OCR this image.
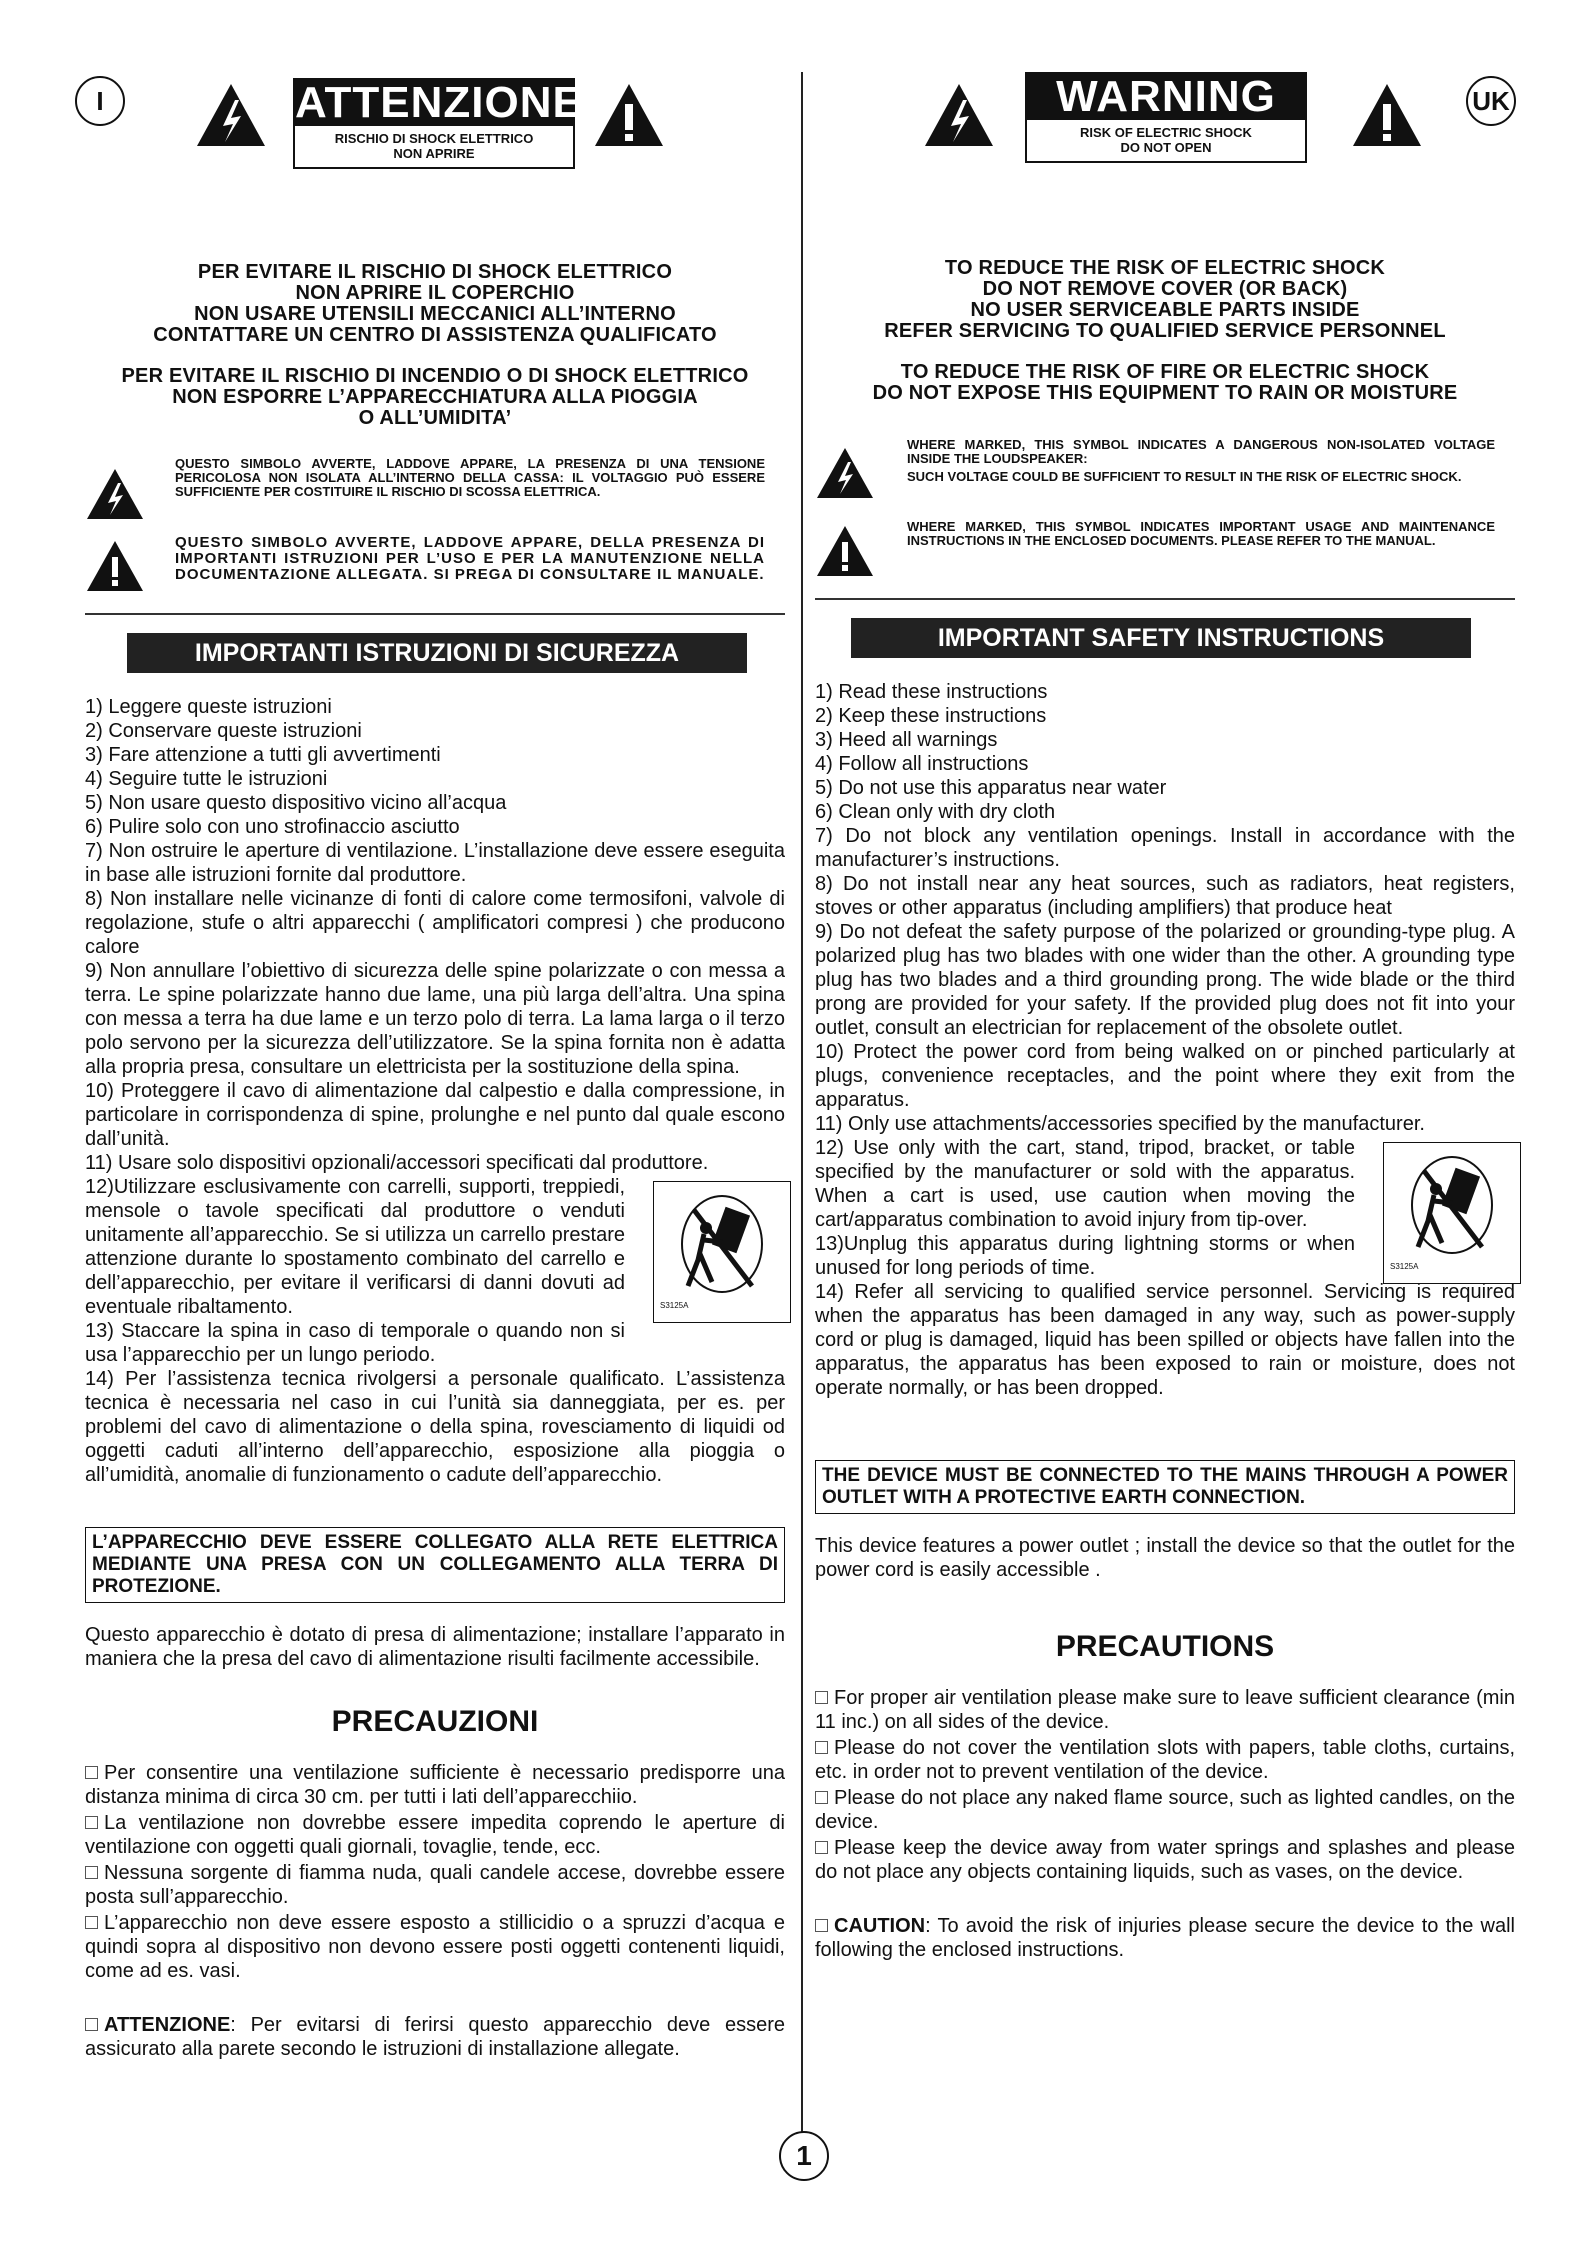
I	UK
ATTENZIONE
RISCHIO DI SHOCK ELETTRICO
NON APRIRE
PER EVITARE IL RISCHIO DI SHOCK ELETTRICO
NON APRIRE IL COPERCHIO
NON USARE UTENSILI MECCANICI ALL’INTERNO
CONTATTARE UN CENTRO DI ASSISTENZA QUALIFICATO
PER EVITARE IL RISCHIO DI INCENDIO O DI SHOCK ELETTRICO
NON ESPORRE L’APPARECCHIATURA ALLA PIOGGIA
O ALL’UMIDITA’
QUESTO SIMBOLO AVVERTE, LADDOVE APPARE, LA PRESENZA DI UNA TENSIONE PERICOLOSA NON ISOLATA ALL’INTERNO DELLA CASSA: IL VOLTAGGIO PUÒ ESSERE SUFFICIENTE PER COSTITUIRE IL RISCHIO DI SCOSSA ELETTRICA.
QUESTO SIMBOLO AVVERTE, LADDOVE APPARE, DELLA PRESENZA DI IMPORTANTI ISTRUZIONI PER L’USO E PER LA MANUTENZIONE NELLA DOCUMENTAZIONE ALLEGATA. SI PREGA DI CONSULTARE IL MANUALE.
IMPORTANTI ISTRUZIONI DI SICUREZZA

1) Leggere queste istruzioni

2) Conservare queste istruzioni

3) Fare attenzione a tutti gli avvertimenti

4) Seguire tutte le istruzioni

5) Non usare questo dispositivo vicino all’acqua

6) Pulire solo con uno strofinaccio asciutto

7) Non ostruire le aperture di ventilazione. L’installazione deve essere eseguita in base alle istruzioni fornite dal produttore.

8) Non installare nelle vicinanze di fonti di calore come termosifoni, valvole di regolazione, stufe o altri apparecchi ( amplificatori compresi ) che producono calore

9) Non annullare l’obiettivo di sicurezza delle spine polarizzate o con messa a terra. Le spine polarizzate hanno due lame, una più larga dell’altra. Una spina con messa a terra ha due lame e un terzo polo di terra. La lama larga o il terzo polo servono per la sicurezza dell’utilizzatore. Se la spina fornita non è adatta alla propria presa, consultare un elettricista per la sostituzione della spina.

10) Proteggere il cavo di alimentazione dal calpestio e dalla compressione, in particolare in corrispondenza di spine, prolunghe e nel punto dal quale escono dall’unità.

11) Usare solo dispositivi opzionali/accessori specificati dal produttore.

12)Utilizzare esclusivamente con carrelli, supporti, treppiedi, mensole o tavole specificati dal produttore o venduti unitamente all’apparecchio. Se si utilizza un carrello prestare attenzione durante lo spostamento combinato del carrello e dell’apparecchio, per evitare il verificarsi di danni dovuti ad eventuale ribaltamento.

13) Staccare la spina in caso di temporale o quando non si usa l’apparecchio per un lungo periodo.

S3125A

14) Per l’assistenza tecnica rivolgersi a personale qualificato. L’assistenza tecnica è necessaria nel caso in cui l’unità sia danneggiata, per es. per problemi del cavo di alimentazione o della spina, rovesciamento di liquidi od oggetti caduti all’interno dell’apparecchio, esposizione alla pioggia o all’umidità, anomalie di funzionamento o cadute dell’apparecchio.

L’APPARECCHIO DEVE ESSERE COLLEGATO ALLA RETE ELETTRICA MEDIANTE UNA PRESA CON UN COLLEGAMENTO ALLA TERRA DI PROTEZIONE.
Questo apparecchio è dotato di presa di alimentazione; installare l’apparato in maniera che la presa del cavo di alimentazione risulti facilmente accessibile.
PRECAUZIONI

Per consentire una ventilazione sufficiente è necessario predisporre una distanza minima di circa 30 cm. per tutti i lati dell’apparecchiio.

La ventilazione non dovrebbe essere impedita coprendo le aperture di ventilazione con oggetti quali giornali, tovaglie, tende, ecc.

Nessuna sorgente di fiamma nuda, quali candele accese, dovrebbe essere posta sull’apparecchio.

L’apparecchio non deve essere esposto a stillicidio o a spruzzi d’acqua e quindi sopra al dispositivo non devono essere posti oggetti contenenti liquidi, come ad es. vasi.

ATTENZIONE: Per evitarsi di ferirsi questo apparecchio deve essere assicurato alla parete secondo le istruzioni di installazione allegate.

WARNING
RISK OF ELECTRIC SHOCK
DO NOT OPEN
TO REDUCE THE RISK OF ELECTRIC SHOCK
DO NOT REMOVE COVER (OR BACK)
NO USER SERVICEABLE PARTS INSIDE
REFER SERVICING TO QUALIFIED SERVICE PERSONNEL
TO REDUCE THE RISK OF FIRE OR ELECTRIC SHOCK
DO NOT EXPOSE THIS EQUIPMENT TO RAIN OR MOISTURE
WHERE MARKED, THIS SYMBOL INDICATES A DANGEROUS NON-ISOLATED VOLTAGE INSIDE THE LOUDSPEAKER:
SUCH VOLTAGE COULD BE SUFFICIENT TO RESULT IN THE RISK OF ELECTRIC SHOCK.
WHERE MARKED, THIS SYMBOL INDICATES IMPORTANT USAGE AND MAINTENANCE INSTRUCTIONS IN THE ENCLOSED DOCUMENTS. PLEASE REFER TO THE MANUAL.
IMPORTANT SAFETY INSTRUCTIONS

1) Read these instructions

2) Keep these instructions

3) Heed all warnings

4) Follow all instructions

5) Do not use this apparatus near water

6) Clean only with dry cloth

7) Do not block any ventilation openings. Install in accordance with the manufacturer’s instructions.

8) Do not install near any heat sources, such as radiators, heat registers, stoves or other apparatus (including amplifiers) that produce heat

9) Do not defeat the safety purpose of the polarized or grounding-type plug. A polarized plug has two blades with one wider than the other. A grounding type plug has two blades and a third grounding prong. The wide blade or the third prong are provided for your safety. If the provided plug does not fit into your outlet, consult an electrician for replacement of the obsolete outlet.

10) Protect the power cord from being walked on or pinched particularly at plugs, convenience receptacles, and the point where they exit from the apparatus.

11) Only use attachments/accessories specified by the manufacturer.

12) Use only with the cart, stand, tripod, bracket, or table specified by the manufacturer or sold with the apparatus. When a cart is used, use caution when moving the cart/apparatus combination to avoid injury from tip-over.

13)Unplug this apparatus during lightning storms or when unused for long periods of time.	S3125A

14) Refer all servicing to qualified service personnel. Servicing is required when the apparatus has been damaged in any way, such as power-supply cord or plug is damaged, liquid has been spilled or objects have fallen into the apparatus, the apparatus has been exposed to rain or moisture, does not operate normally, or has been dropped.

THE DEVICE MUST BE CONNECTED TO THE MAINS THROUGH A POWER OUTLET WITH A PROTECTIVE EARTH CONNECTION.
This device features a power outlet ; install the device so that the outlet for the power cord is easily accessible .
PRECAUTIONS

For proper air ventilation please make sure to leave sufficient clearance (min 11 inc.) on all sides of the device.

Please do not cover the ventilation slots with papers, table cloths, curtains, etc. in order not to prevent ventilation of the device.

Please do not place any naked flame source, such as lighted candles, on the device.

Please keep the device away from water springs and splashes and please do not place any objects containing liquids, such as vases, on the device.

CAUTION: To avoid the risk of injuries please secure the device to the wall following the enclosed instructions.

1
